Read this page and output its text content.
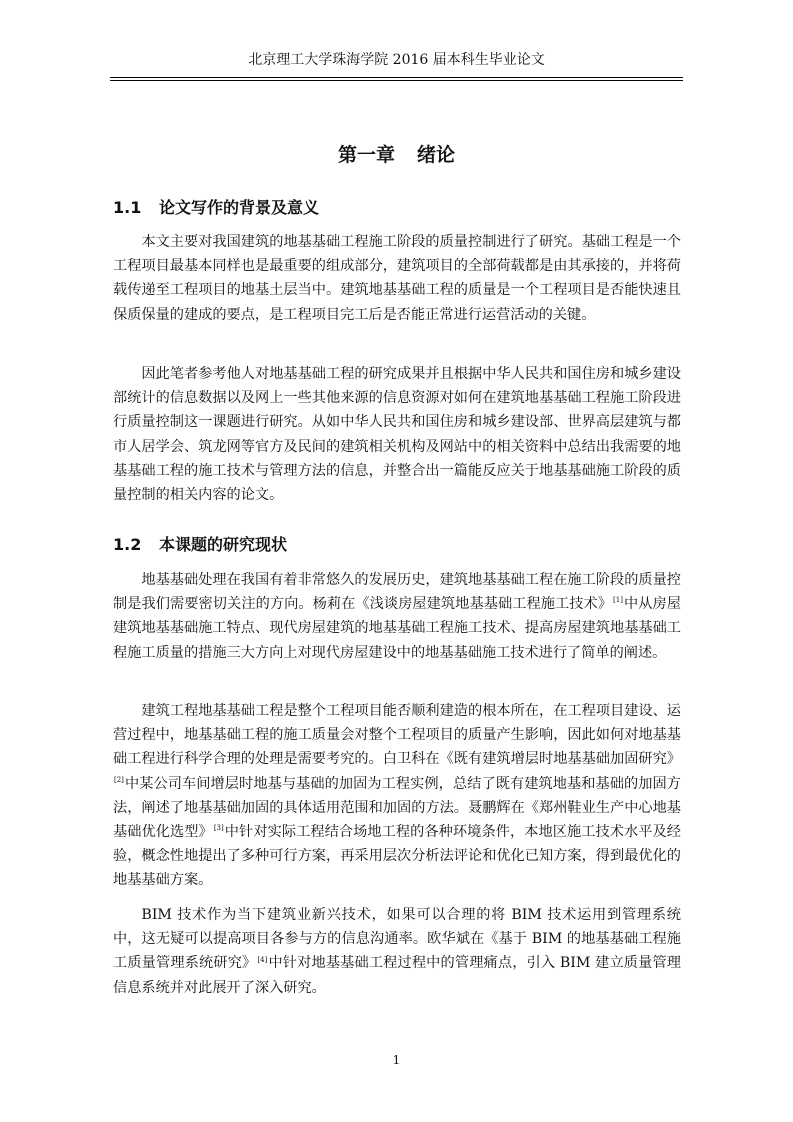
北京理工大学珠海学院 2016 届本科生毕业论文
第一章 绪论
1.1 论文写作的背景及意义

本文主要对我国建筑的地基基础工程施工阶段的质量控制进行了研究。基础工程是一个工程项目最基本同样也是最重要的组成部分，建筑项目的全部荷载都是由其承接的，并将荷载传递至工程项目的地基土层当中。建筑地基基础工程的质量是一个工程项目是否能快速且保质保量的建成的要点，是工程项目完工后是否能正常进行运营活动的关键。

因此笔者参考他人对地基基础工程的研究成果并且根据中华人民共和国住房和城乡建设部统计的信息数据以及网上一些其他来源的信息资源对如何在建筑地基基础工程施工阶段进行质量控制这一课题进行研究。从如中华人民共和国住房和城乡建设部、世界高层建筑与都市人居学会、筑龙网等官方及民间的建筑相关机构及网站中的相关资料中总结出我需要的地基基础工程的施工技术与管理方法的信息，并整合出一篇能反应关于地基基础施工阶段的质量控制的相关内容的论文。

1.2 本课题的研究现状

地基基础处理在我国有着非常悠久的发展历史，建筑地基基础工程在施工阶段的质量控制是我们需要密切关注的方向。杨莉在《浅谈房屋建筑地基基础工程施工技术》[1]中从房屋建筑地基基础施工特点、现代房屋建筑的地基基础工程施工技术、提高房屋建筑地基基础工程施工质量的措施三大方向上对现代房屋建设中的地基基础施工技术进行了简单的阐述。

建筑工程地基基础工程是整个工程项目能否顺利建造的根本所在，在工程项目建设、运营过程中，地基基础工程的施工质量会对整个工程项目的质量产生影响，因此如何对地基基础工程进行科学合理的处理是需要考究的。白卫科在《既有建筑增层时地基基础加固研究》[2]中某公司车间增层时地基与基础的加固为工程实例，总结了既有建筑地基和基础的加固方法，阐述了地基基础加固的具体适用范围和加固的方法。聂鹏辉在《郑州鞋业生产中心地基基础优化选型》[3]中针对实际工程结合场地工程的各种环境条件，本地区施工技术水平及经验，概念性地提出了多种可行方案，再采用层次分析法评论和优化已知方案，得到最优化的地基基础方案。

BIM 技术作为当下建筑业新兴技术，如果可以合理的将 BIM 技术运用到管理系统中，这无疑可以提高项目各参与方的信息沟通率。欧华斌在《基于 BIM 的地基基础工程施工质量管理系统研究》[4]中针对地基基础工程过程中的管理痛点，引入 BIM 建立质量管理信息系统并对此展开了深入研究。

1
